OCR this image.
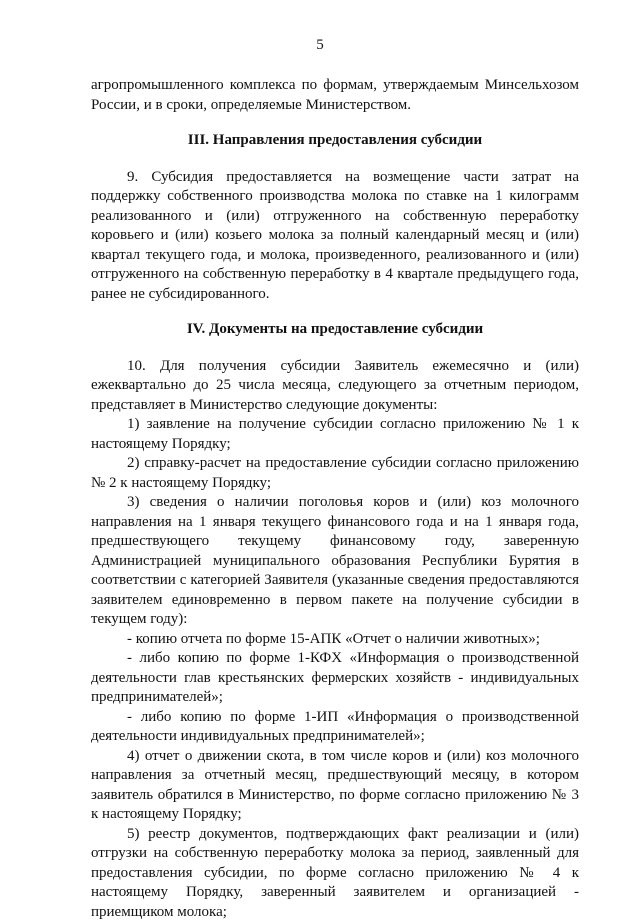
5

агропромышленного комплекса по формам, утверждаемым Минсельхозом России, и в сроки, определяемые Министерством.

III. Направления предоставления субсидии

9. Субсидия предоставляется на возмещение части затрат на поддержку собственного производства молока по ставке на 1 килограмм реализованного и (или) отгруженного на собственную переработку коровьего и (или) козьего молока за полный календарный месяц и (или) квартал текущего года, и молока, произведенного, реализованного и (или) отгруженного на собственную переработку в 4 квартале предыдущего года, ранее не субсидированного.

IV. Документы на предоставление субсидии

10. Для получения субсидии Заявитель ежемесячно и (или) ежеквартально до 25 числа месяца, следующего за отчетным периодом, представляет в Министерство следующие документы:

1) заявление на получение субсидии согласно приложению № 1 к настоящему Порядку;

2) справку-расчет на предоставление субсидии согласно приложению № 2 к настоящему Порядку;

3) сведения о наличии поголовья коров и (или) коз молочного направления на 1 января текущего финансового года и на 1 января года, предшествующего текущему финансовому году, заверенную Администрацией муниципального образования Республики Бурятия в соответствии с категорией Заявителя (указанные сведения предоставляются заявителем единовременно в первом пакете на получение субсидии в текущем году):

- копию отчета по форме 15-АПК «Отчет о наличии животных»;

- либо копию по форме 1-КФХ «Информация о производственной деятельности глав крестьянских фермерских хозяйств - индивидуальных предпринимателей»;

- либо копию по форме 1-ИП «Информация о производственной деятельности индивидуальных предпринимателей»;

4) отчет о движении скота, в том числе коров и (или) коз молочного направления за отчетный месяц, предшествующий месяцу, в котором заявитель обратился в Министерство, по форме согласно приложению № 3 к настоящему Порядку;

5) реестр документов, подтверждающих факт реализации и (или) отгрузки на собственную переработку молока за период, заявленный для предоставления субсидии, по форме согласно приложению № 4 к настоящему Порядку, заверенный заявителем и организацией - приемщиком молока;
